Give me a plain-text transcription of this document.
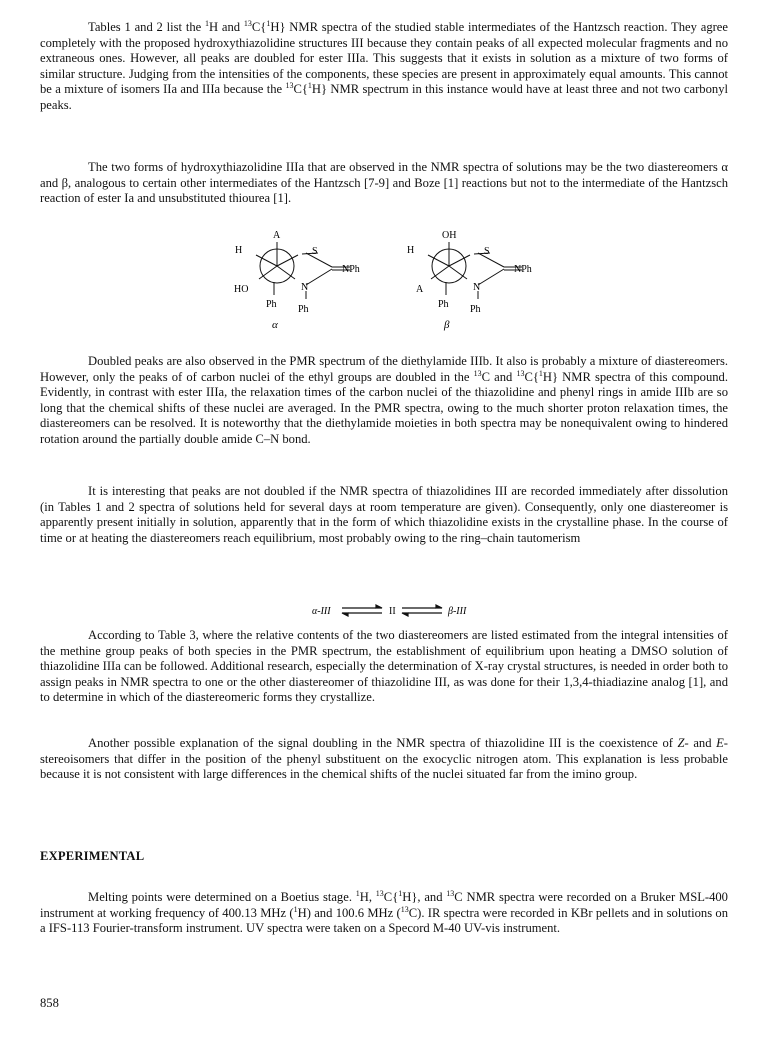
Tables 1 and 2 list the $^1$H and $^{13}$C{$^1$H} NMR spectra of the studied stable intermediates of the Hantzsch reaction. They agree completely with the proposed hydroxythiazolidine structures III because they contain peaks of all expected molecular fragments and no extraneous ones. However, all peaks are doubled for ester IIIa. This suggests that it exists in solution as a mixture of two forms of similar structure. Judging from the intensities of the components, these species are present in approximately equal amounts. This cannot be a mixture of isomers IIa and IIIa because the $^{13}$C{$^1$H} NMR spectrum in this instance would have at least three and not two carbonyl peaks.

The two forms of hydroxythiazolidine IIIa that are observed in the NMR spectra of solutions may be the two diastereomers α and β, analogous to certain other intermediates of the Hantzsch [7-9] and Boze [1] reactions but not to the intermediate of the Hantzsch reaction of ester Ia and unsubstituted thiourea [1].

A
H
HO
S
NPh
N
Ph Ph
α
OH
H
A
S
NPh
N
Ph Ph
β

Doubled peaks are also observed in the PMR spectrum of the diethylamide IIIb. It also is probably a mixture of diastereomers. However, only the peaks of of carbon nuclei of the ethyl groups are doubled in the $^{13}$C and $^{13}$C{$^1$H} NMR spectra of this compound. Evidently, in contrast with ester IIIa, the relaxation times of the carbon nuclei of the thiazolidine and phenyl rings in amide IIIb are so long that the chemical shifts of these nuclei are averaged. In the PMR spectra, owing to the much shorter proton relaxation times, the diastereomers can be resolved. It is noteworthy that the diethylamide moieties in both spectra may be nonequivalent owing to hindered rotation around the partially double amide C–N bond.

It is interesting that peaks are not doubled if the NMR spectra of thiazolidines III are recorded immediately after dissolution (in Tables 1 and 2 spectra of solutions held for several days at room temperature are given). Consequently, only one diastereomer is apparently present initially in solution, apparently that in the form of which thiazolidine exists in the crystalline phase. In the course of time or at heating the diastereomers reach equilibrium, most probably owing to the ring–chain tautomerism

α-III	II	β-III

According to Table 3, where the relative contents of the two diastereomers are listed estimated from the integral intensities of the methine group peaks of both species in the PMR spectrum, the establishment of equilibrium upon heating a DMSO solution of thiazolidine IIIa can be followed. Additional research, especially the determination of X-ray crystal structures, is needed in order both to assign peaks in NMR spectra to one or the other diastereomer of thiazolidine III, as was done for their 1,3,4-thiadiazine analog [1], and to determine in which of the diastereomeric forms they crystallize.

Another possible explanation of the signal doubling in the NMR spectra of thiazolidine III is the coexistence of Z- and E-stereoisomers that differ in the position of the phenyl substituent on the exocyclic nitrogen atom. This explanation is less probable because it is not consistent with large differences in the chemical shifts of the nuclei situated far from the imino group.

EXPERIMENTAL

Melting points were determined on a Boetius stage. $^1$H, $^{13}$C{$^1$H}, and $^{13}$C NMR spectra were recorded on a Bruker MSL-400 instrument at working frequency of 400.13 MHz ($^1$H) and 100.6 MHz ($^{13}$C). IR spectra were recorded in KBr pellets and in solutions on a IFS-113 Fourier-transform instrument. UV spectra were taken on a Specord M-40 UV-vis instrument.

858
